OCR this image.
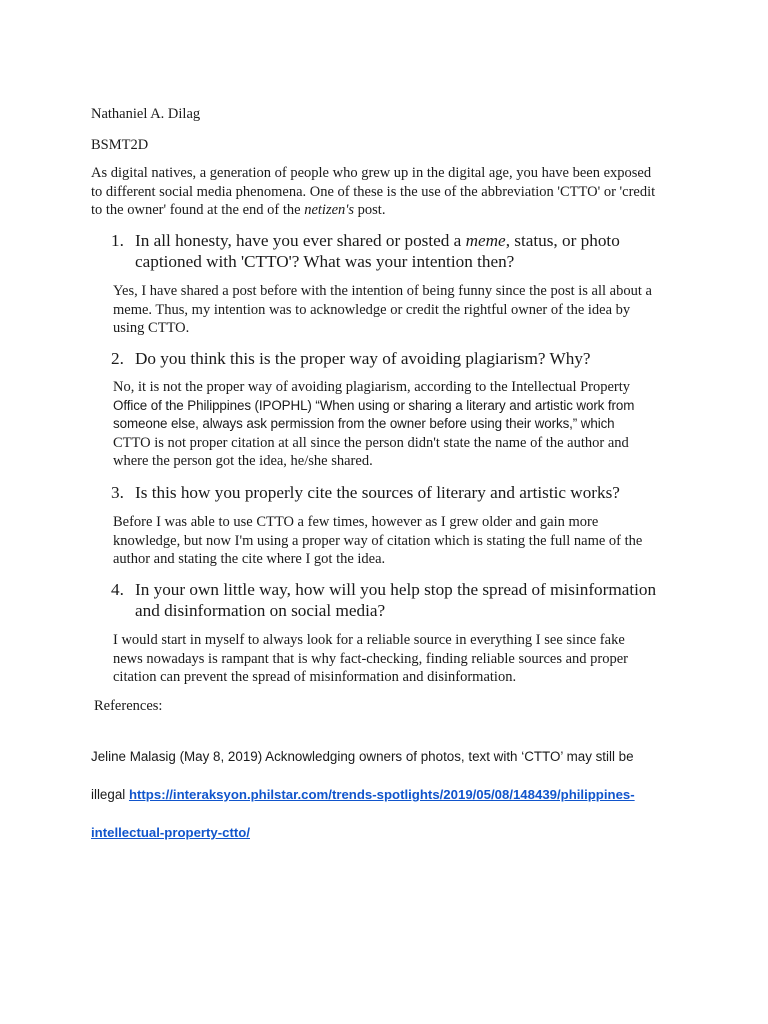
Nathaniel A. Dilag
BSMT2D
As digital natives, a generation of people who grew up in the digital age, you have been exposed
to different social media phenomena. One of these is the use of the abbreviation 'CTTO' or 'credit
to the owner' found at the end of the netizen's post.
1. In all honesty, have you ever shared or posted a meme, status, or photo
captioned with 'CTTO'? What was your intention then?
Yes, I have shared a post before with the intention of being funny since the post is all about a
meme. Thus, my intention was to acknowledge or credit the rightful owner of the idea by
using CTTO.
2. Do you think this is the proper way of avoiding plagiarism? Why?
No, it is not the proper way of avoiding plagiarism, according to the Intellectual Property
Office of the Philippines (IPOPHL) “When using or sharing a literary and artistic work from
someone else, always ask permission from the owner before using their works,” which
CTTO is not proper citation at all since the person didn't state the name of the author and
where the person got the idea, he/she shared.
3. Is this how you properly cite the sources of literary and artistic works?
Before I was able to use CTTO a few times, however as I grew older and gain more
knowledge, but now I'm using a proper way of citation which is stating the full name of the
author and stating the cite where I got the idea.
4. In your own little way, how will you help stop the spread of misinformation
and disinformation on social media?
I would start in myself to always look for a reliable source in everything I see since fake
news nowadays is rampant that is why fact-checking, finding reliable sources and proper
citation can prevent the spread of misinformation and disinformation.
References:
Jeline Malasig (May 8, 2019) Acknowledging owners of photos, text with ‘CTTO’ may still be
illegal https://interaksyon.philstar.com/trends-spotlights/2019/05/08/148439/philippines-
intellectual-property-ctto/
